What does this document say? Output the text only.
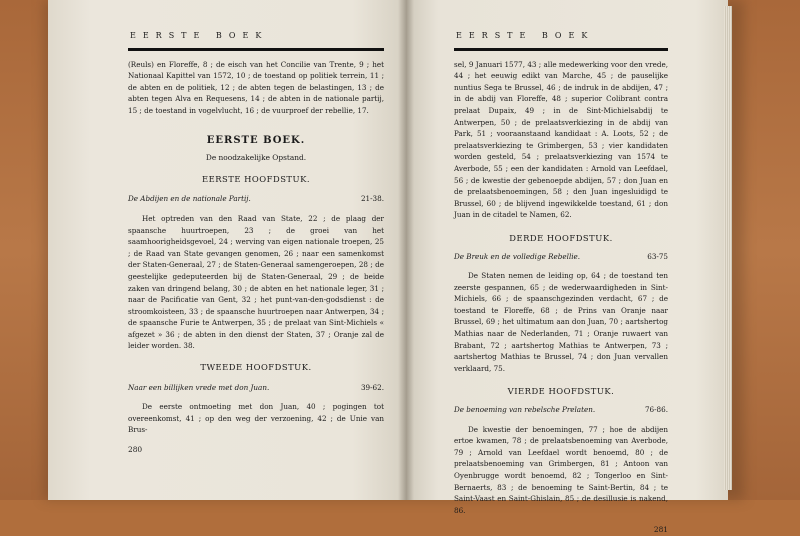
EERSTE BOEK

(Reuls) en Floreffe, 8 ; de eisch van het Concilie van Trente, 9 ; het Nationaal Kapittel van 1572, 10 ; de toestand op politiek terrein, 11 ; de abten en de politiek, 12 ; de abten tegen de belastingen, 13 ; de abten tegen Alva en Requesens, 14 ; de abten in de nationale partij, 15 ; de toestand in vogelvlucht, 16 ; de vuurproef der rebellie, 17.

EERSTE BOEK.
De noodzakelijke Opstand.
EERSTE HOOFDSTUK.
De Abdijen en de nationale Partij.	21-38.

Het optreden van den Raad van State, 22 ; de plaag der spaansche huurtroepen, 23 ; de groei van het saamhoorigheidsgevoel, 24 ; werving van eigen nationale troepen, 25 ; de Raad van State gevangen genomen, 26 ; naar een samenkomst der Staten-Generaal, 27 ; de Staten-Generaal samengeroepen, 28 ; de geestelijke gedeputeerden bij de Staten-Generaal, 29 ; de beide zaken van dringend belang, 30 ; de abten en het nationale leger, 31 ; naar de Pacificatie van Gent, 32 ; het punt-van-den-godsdienst : de stroomkoisteen, 33 ; de spaansche huurtroepen naar Antwerpen, 34 ; de spaansche Furie te Antwerpen, 35 ; de prelaat van Sint-Michiels « afgezet » 36 ; de abten in den dienst der Staten, 37 ; Oranje zal de leider worden. 38.

TWEEDE HOOFDSTUK.
Naar een billijken vrede met don Juan.	39-62.

De eerste ontmoeting met don Juan, 40 ; pogingen tot overeenkomst, 41 ; op den weg der verzoening, 42 ; de Unie van Brus-

280
EERSTE BOEK

sel, 9 Januari 1577, 43 ; alle medewerking voor den vrede, 44 ; het eeuwig edikt van Marche, 45 ; de pauselijke nuntius Sega te Brussel, 46 ; de indruk in de abdijen, 47 ; in de abdij van Floreffe, 48 ; superior Colibrant contra prelaat Dupaix, 49 ; in de Sint-Michielsabdij te Antwerpen, 50 ; de prelaatsverkiezing in de abdij van Park, 51 ; vooraanstaand kandidaat : A. Loots, 52 ; de prelaatsverkiezing te Grimbergen, 53 ; vier kandidaten worden gesteld, 54 ; prelaatsverkiezing van 1574 te Averbode, 55 ; een der kandidaten : Arnold van Leefdael, 56 ; de kwestie der gebenoepde abdijen, 57 ; don Juan en de prelaatsbenoemingen, 58 ; den Juan ingesluidigd te Brussel, 60 ; de blijvend ingewikkelde toestand, 61 ; don Juan in de citadel te Namen, 62.

DERDE HOOFDSTUK.
De Breuk en de volledige Rebellie.	63-75

De Staten nemen de leiding op, 64 ; de toestand ten zeerste gespannen, 65 ; de wederwaardigheden in Sint-Michiels, 66 ; de spaanschgezinden verdacht, 67 ; de toestand te Floreffe, 68 ; de Prins van Oranje naar Brussel, 69 ; het ultimatum aan don Juan, 70 ; aartshertog Mathias naar de Nederlanden, 71 ; Oranje ruwaert van Brabant, 72 ; aartshertog Mathias te Antwerpen, 73 ; aartshertog Mathias te Brussel, 74 ; don Juan vervallen verklaard, 75.

VIERDE HOOFDSTUK.
De benoeming van rebelsche Prelaten.	76-86.

De kwestie der benoemingen, 77 ; hoe de abdijen ertoe kwamen, 78 ; de prelaatsbenoeming van Averbode, 79 ; Arnold van Leefdael wordt benoemd, 80 ; de prelaatsbenoeming van Grimbergen, 81 ; Antoon van Oyenbrugge wordt benoemd, 82 ; Tongerloo en Sint-Bernaerts, 83 ; de benoeming te Saint-Bertin, 84 ; te Saint-Vaast en Saint-Ghislain, 85 ; de desillusie is nakend, 86.

281
